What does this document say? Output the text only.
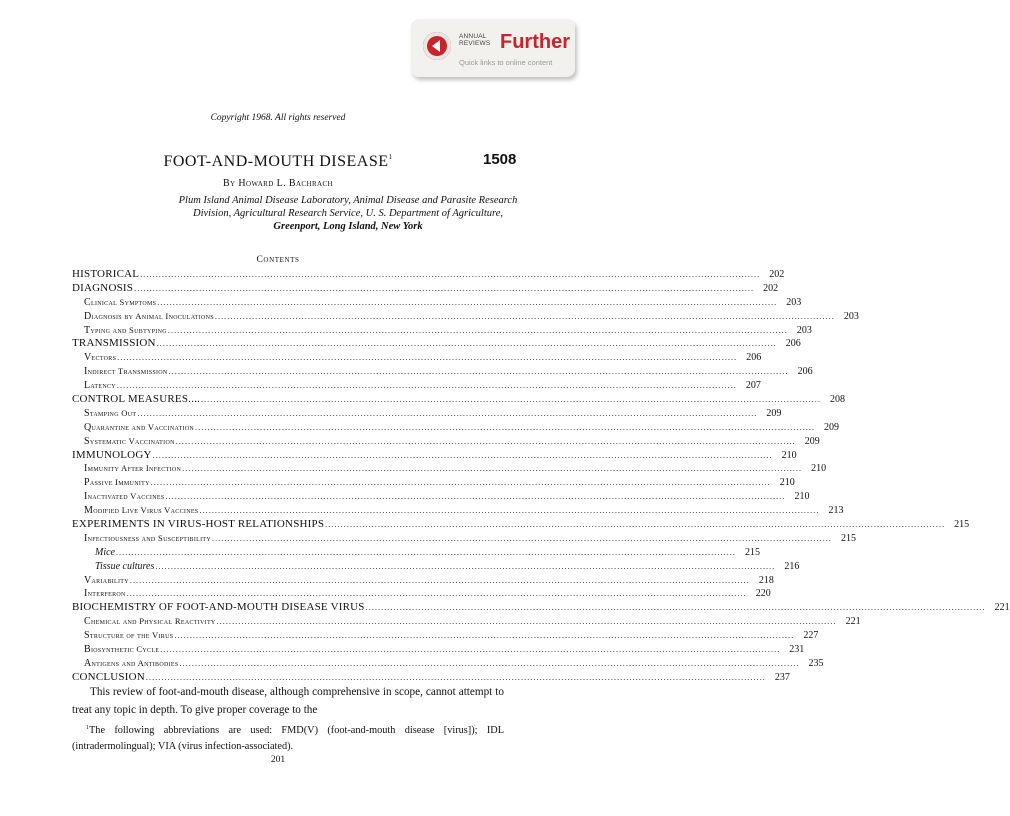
ANNUAL
REVIEWS Further
Quick links to online content
Copyright 1968. All rights reserved
FOOT-AND-MOUTH DISEASE$^1$	1508
By Howard L. Bachrach
Plum Island Animal Disease Laboratory, Animal Disease and Parasite Research
Division, Agricultural Research Service, U. S. Department of Agriculture,
Greenport, Long Island, New York
Contents
HISTORICAL ........................................................................................................................................................................................................ 202
DIAGNOSIS ........................................................................................................................................................................................................ 202
Clinical Symptoms ........................................................................................................................................................................................................ 203
Diagnosis by Animal Inoculations ........................................................................................................................................................................................................ 203
Typing and Subtyping ........................................................................................................................................................................................................ 203
TRANSMISSION ........................................................................................................................................................................................................ 206
Vectors ........................................................................................................................................................................................................ 206
Indirect Transmission ........................................................................................................................................................................................................ 206
Latency ........................................................................................................................................................................................................ 207
CONTROL MEASURES.... ........................................................................................................................................................................................................ 208
Stamping Out ........................................................................................................................................................................................................ 209
Quarantine and Vaccination ........................................................................................................................................................................................................ 209
Systematic Vaccination ........................................................................................................................................................................................................ 209
IMMUNOLOGY ........................................................................................................................................................................................................ 210
Immunity After Infection ........................................................................................................................................................................................................ 210
Passive Immunity ........................................................................................................................................................................................................ 210
Inactivated Vaccines ........................................................................................................................................................................................................ 210
Modified Live Virus Vaccines ........................................................................................................................................................................................................ 213
EXPERIMENTS IN VIRUS-HOST RELATIONSHIPS ........................................................................................................................................................................................................ 215
Infectiousness and Susceptibility ........................................................................................................................................................................................................ 215
Mice ........................................................................................................................................................................................................ 215
Tissue cultures ........................................................................................................................................................................................................ 216
Variability ........................................................................................................................................................................................................ 218
Interferon ........................................................................................................................................................................................................ 220
BIOCHEMISTRY OF FOOT-AND-MOUTH DISEASE VIRUS ........................................................................................................................................................................................................ 221
Chemical and Physical Reactivity ........................................................................................................................................................................................................ 221
Structure of the Virus ........................................................................................................................................................................................................ 227
Biosynthetic Cycle ........................................................................................................................................................................................................ 231
Antigens and Antibodies ........................................................................................................................................................................................................ 235
CONCLUSION ........................................................................................................................................................................................................ 237
This review of foot-and-mouth disease, although comprehensive in scope, cannot attempt to treat any topic in depth. To give proper coverage to the
$^1$The following abbreviations are used: FMD(V) (foot-and-mouth disease [virus]); IDL (intradermolingual); VIA (virus infection-associated).
201
